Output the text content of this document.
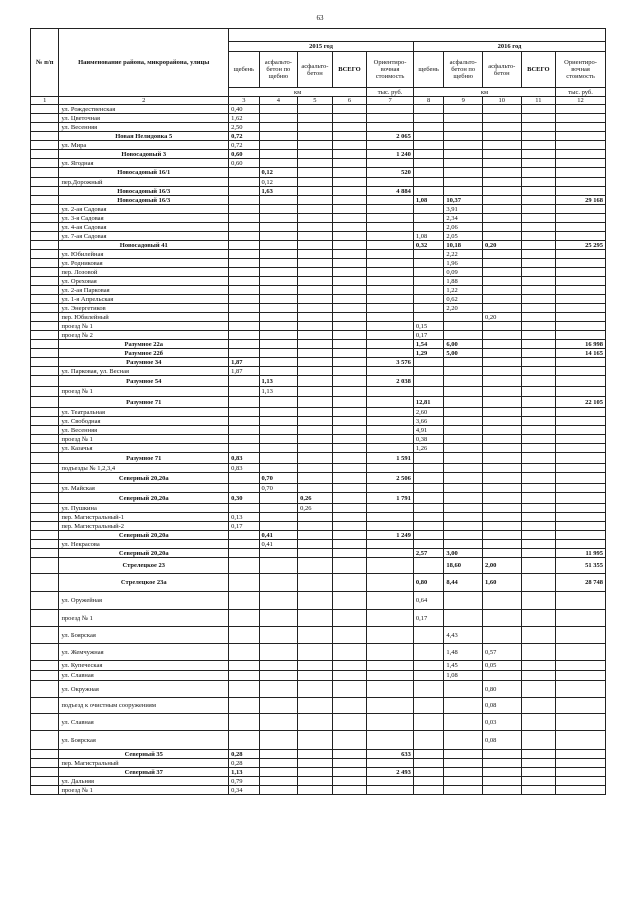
63
№ п/п	Наименование района, микрорайона, улицы										
		2015 год					2016 год				
		щебень	асфальто-бетон по щебню	асфальто-бетон	ВСЕГО	Ориентиро-вочная стоимость	щебень	асфальто-бетон по щебню	асфальто-бетон	ВСЕГО	Ориентиро-вочная стоимость
		км				тыс. руб.	км				тыс. руб.
1	2	3	4	5	6	7	8	9	10	11	12
	ул. Рождественская	0,40									
	ул. Цветочная	1,62									
	ул. Весенняя	2,50									
	Новая Нелидовка 5	0,72				2 065					
	ул. Мира	0,72									
	Новосадовый 3	0,60				1 240					
	ул. Ягодная	0,60									
	Новосадовый 16/1		0,12			520					
	пер.Дорожный		0,12								
	Новосадовый 16/3		1,63			4 884					
	Новосадовый 16/3						1,08	10,37			29 168
	ул. 2-ая Садовая							3,91			
	ул. 3-я Садовая							2,34			
	ул. 4-ая Садовая							2,06			
	ул. 7-ая Садовая						1,08	2,05			
	Новосадовый 41						0,32	10,18	0,20		25 295
	ул. Юбилейная							2,22			
	ул. Родниковая							1,96			
	пер. Лозовой							0,09			
	ул. Ореховая							1,88			
	ул. 2-ая Парковая							1,22			
	ул. 1-я Апрельская							0,62			
	ул. Энергетиков							2,20			
	пер. Юбилейный								0,20		
	проезд № 1						0,15				
	проезд № 2						0,17				
	Разумное 22а						1,54	6,00			16 998
	Разумное 22б						1,29	5,00			14 165
	Разумное 34	1,87				3 576					
	ул. Парковая, ул. Весная	1,87									
	Разумное 54		1,13			2 038					
	проезд № 1		1,13								
	Разумное 71						12,81				22 105
	ул. Театральная						2,60				
	ул. Свободная						3,66				
	ул. Весенняя						4,91				
	проезд № 1						0,38				
	ул. Казачья						1,26				
	Разумное 71	0,83				1 591					
	подъезды № 1,2,3,4	0,83									
	Северный 20,20а		0,70			2 506					
	ул. Майская		0,70								
	Северный 20,20а	0,30		0,26		1 791					
	ул. Пушкина			0,26							
	пер. Магистральный-1	0,13									
	пер. Магистральный-2	0,17									
	Северный 20,20а		0,41			1 249					
	ул. Некрасова		0,41								
	Северный 20,20а						2,57	3,00			11 995
	Стрелецкое 23							18,60	2,00		51 355
	Стрелецкое 23а						0,80	8,44	1,60		28 748
	ул. Оружейная						0,64				
	проезд № 1						0,17				
	ул. Боярская							4,43			
	ул. Жемчужная							1,48	0,57		
	ул. Купеческая							1,45	0,05		
	ул. Славная							1,08			
	ул. Окружная								0,80		
	подъезд к очистным сооружениям								0,08		
	ул. Славная								0,03		
	ул. Боярская								0,08		
	Северный 35	0,28				633					
	пер. Магистральный	0,28									
	Северный 37	1,13				2 493					
	ул. Дальняя	0,79									
	проезд № 1	0,34									
